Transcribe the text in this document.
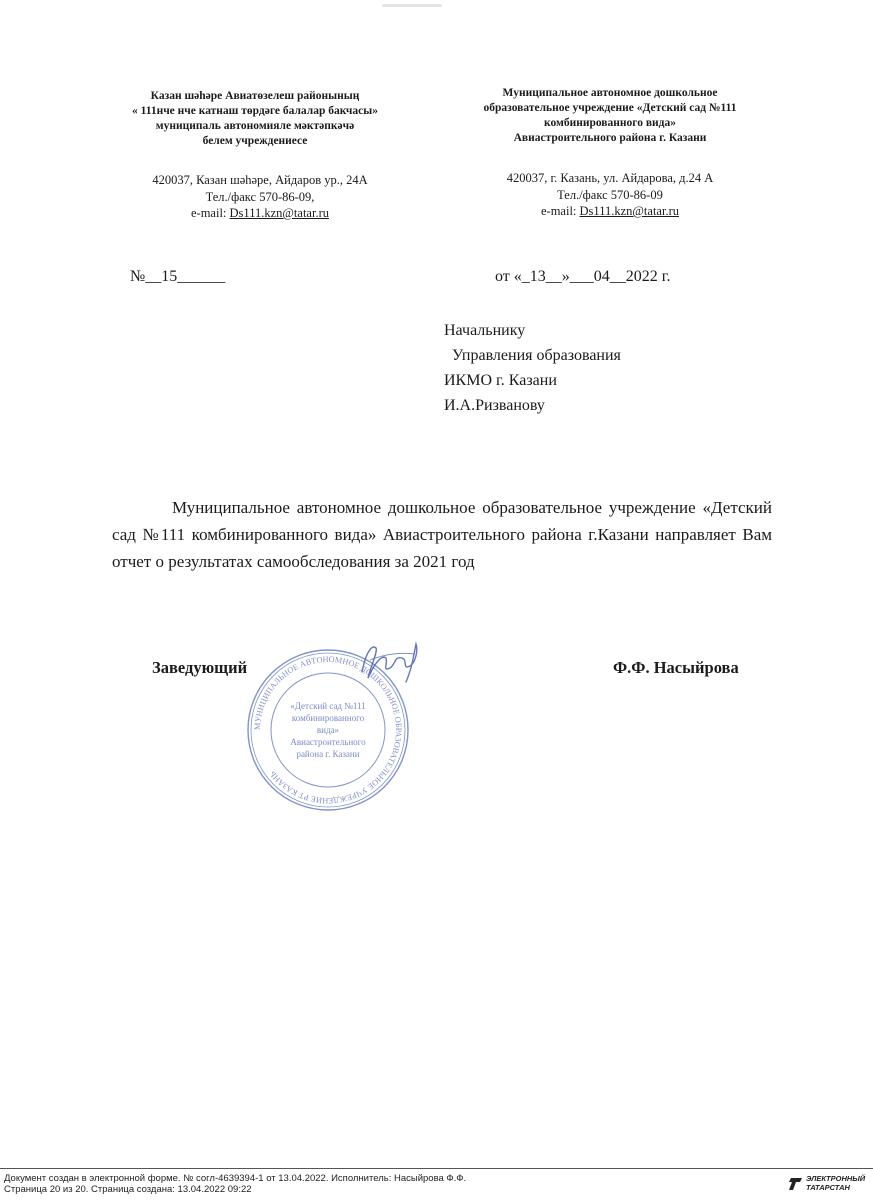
Казан шәһәре Авиатөзелеш районының
« 111нче нче катнаш төрдәге балалар бакчасы»
муниципаль автономияле мәктәпкәчә
белем учреждениесе
420037, Казан шәһәре, Айдаров ур., 24А
Тел./факс 570-86-09,
e-mail: Ds111.kzn@tatar.ru
Муниципальное автономное дошкольное
образовательное учреждение «Детский сад №111
комбинированного вида»
Авиастроительного района г. Казани
420037, г. Казань, ул. Айдарова, д.24 А
Тел./факс 570-86-09
e-mail: Ds111.kzn@tatar.ru
№__15______	от «_13__»___04__2022 г.
Начальнику
Управления образования
ИКМО г. Казани
И.А.Ризванову
Муниципальное автономное дошкольное образовательное учреждение «Детский сад №111 комбинированного вида» Авиастроительного района г.Казани направляет Вам отчет о результатах самообследования за 2021 год
МУНИЦИПАЛЬНОЕ АВТОНОМНОЕ ДОШКОЛЬНОЕ ОБРАЗОВАТЕЛЬНОЕ УЧРЕЖДЕНИЕ РТ КАЗАНЬ
«Детский сад №111
комбинированного
вида»
Авиастроительного
района г. Казани
Заведующий	Ф.Ф. Насыйрова
Документ создан в электронной форме. № согл-4639394-1 от 13.04.2022. Исполнитель: Насыйрова Ф.Ф.
Страница 20 из 20. Страница создана: 13.04.2022 09:22
ЭЛЕКТРОННЫЙ
ТАТАРСТАН
